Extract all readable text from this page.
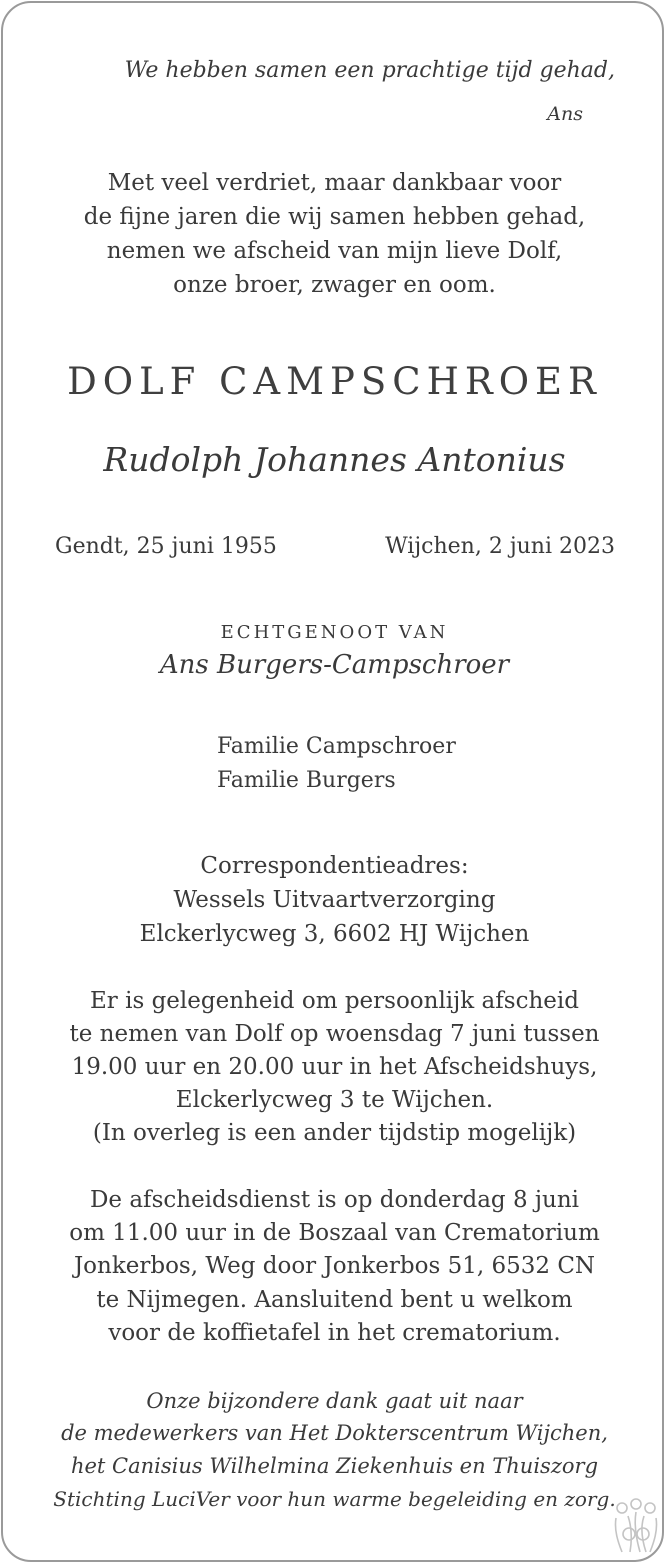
We hebben samen een prachtige tijd gehad,
Ans
Met veel verdriet, maar dankbaar voor
de fijne jaren die wij samen hebben gehad,
nemen we afscheid van mijn lieve Dolf,
onze broer, zwager en oom.
DOLF CAMPSCHROER
Rudolph Johannes Antonius
Gendt, 25 juni 1955	Wijchen, 2 juni 2023
ECHTGENOOT VAN
Ans Burgers-Campschroer
Familie Campschroer
Familie Burgers
Correspondentieadres:
Wessels Uitvaartverzorging
Elckerlycweg 3, 6602 HJ Wijchen
Er is gelegenheid om persoonlijk afscheid
te nemen van Dolf op woensdag 7 juni tussen
19.00 uur en 20.00 uur in het Afscheidshuys,
Elckerlycweg 3 te Wijchen.
(In overleg is een ander tijdstip mogelijk)
De afscheidsdienst is op donderdag 8 juni
om 11.00 uur in de Boszaal van Crematorium
Jonkerbos, Weg door Jonkerbos 51, 6532 CN
te Nijmegen. Aansluitend bent u welkom
voor de koffietafel in het crematorium.
Onze bijzondere dank gaat uit naar
de medewerkers van Het Dokterscentrum Wijchen,
het Canisius Wilhelmina Ziekenhuis en Thuiszorg
Stichting LuciVer voor hun warme begeleiding en zorg.
